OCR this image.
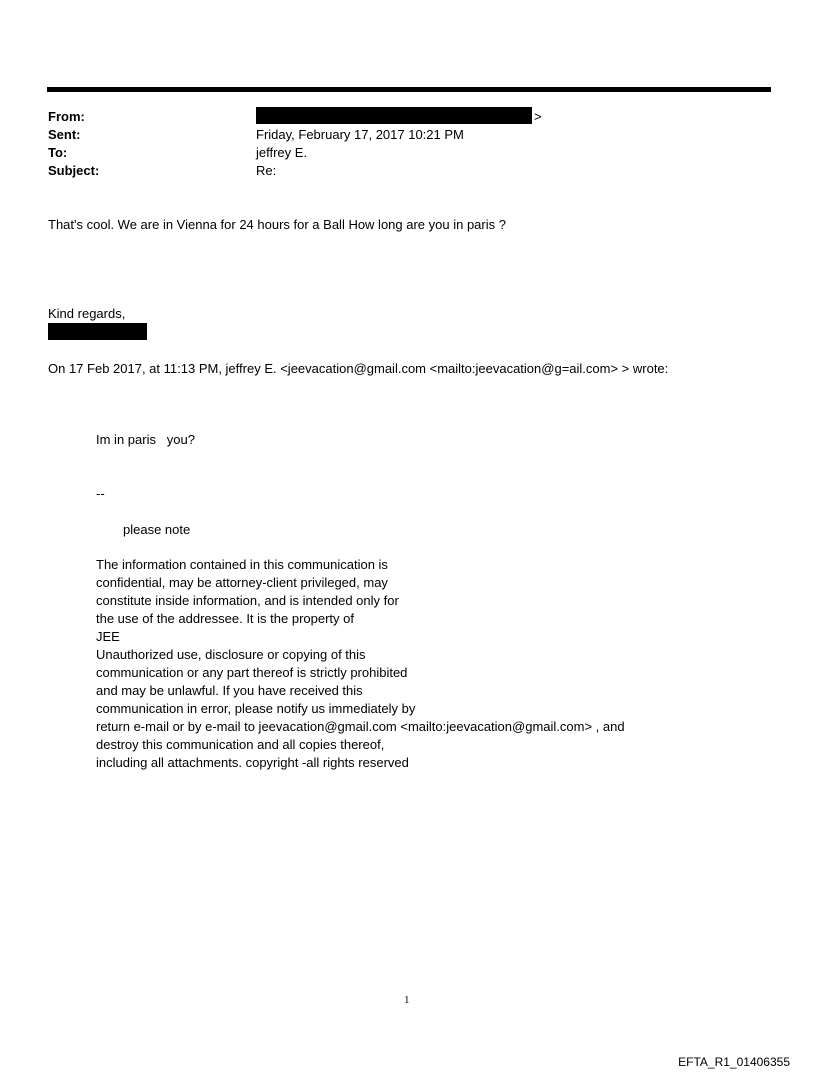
From:	>
Sent:	Friday, February 17, 2017 10:21 PM
To:	jeffrey E.
Subject:	Re:
That's cool. We are in Vienna for 24 hours for a Ball How long are you in paris ?
Kind regards,
On 17 Feb 2017, at 11:13 PM, jeffrey E. <jeevacation@gmail.com <mailto:jeevacation@g=ail.com> > wrote:
Im in paris   you?
--
please note
The information contained in this communication is
confidential, may be attorney-client privileged, may
constitute inside information, and is intended only for
the use of the addressee. It is the property of
JEE
Unauthorized use, disclosure or copying of this
communication or any part thereof is strictly prohibited
and may be unlawful. If you have received this
communication in error, please notify us immediately by
return e-mail or by e-mail to jeevacation@gmail.com <mailto:jeevacation@gmail.com> , and
destroy this communication and all copies thereof,
including all attachments. copyright -all rights reserved
1
EFTA_R1_01406355
